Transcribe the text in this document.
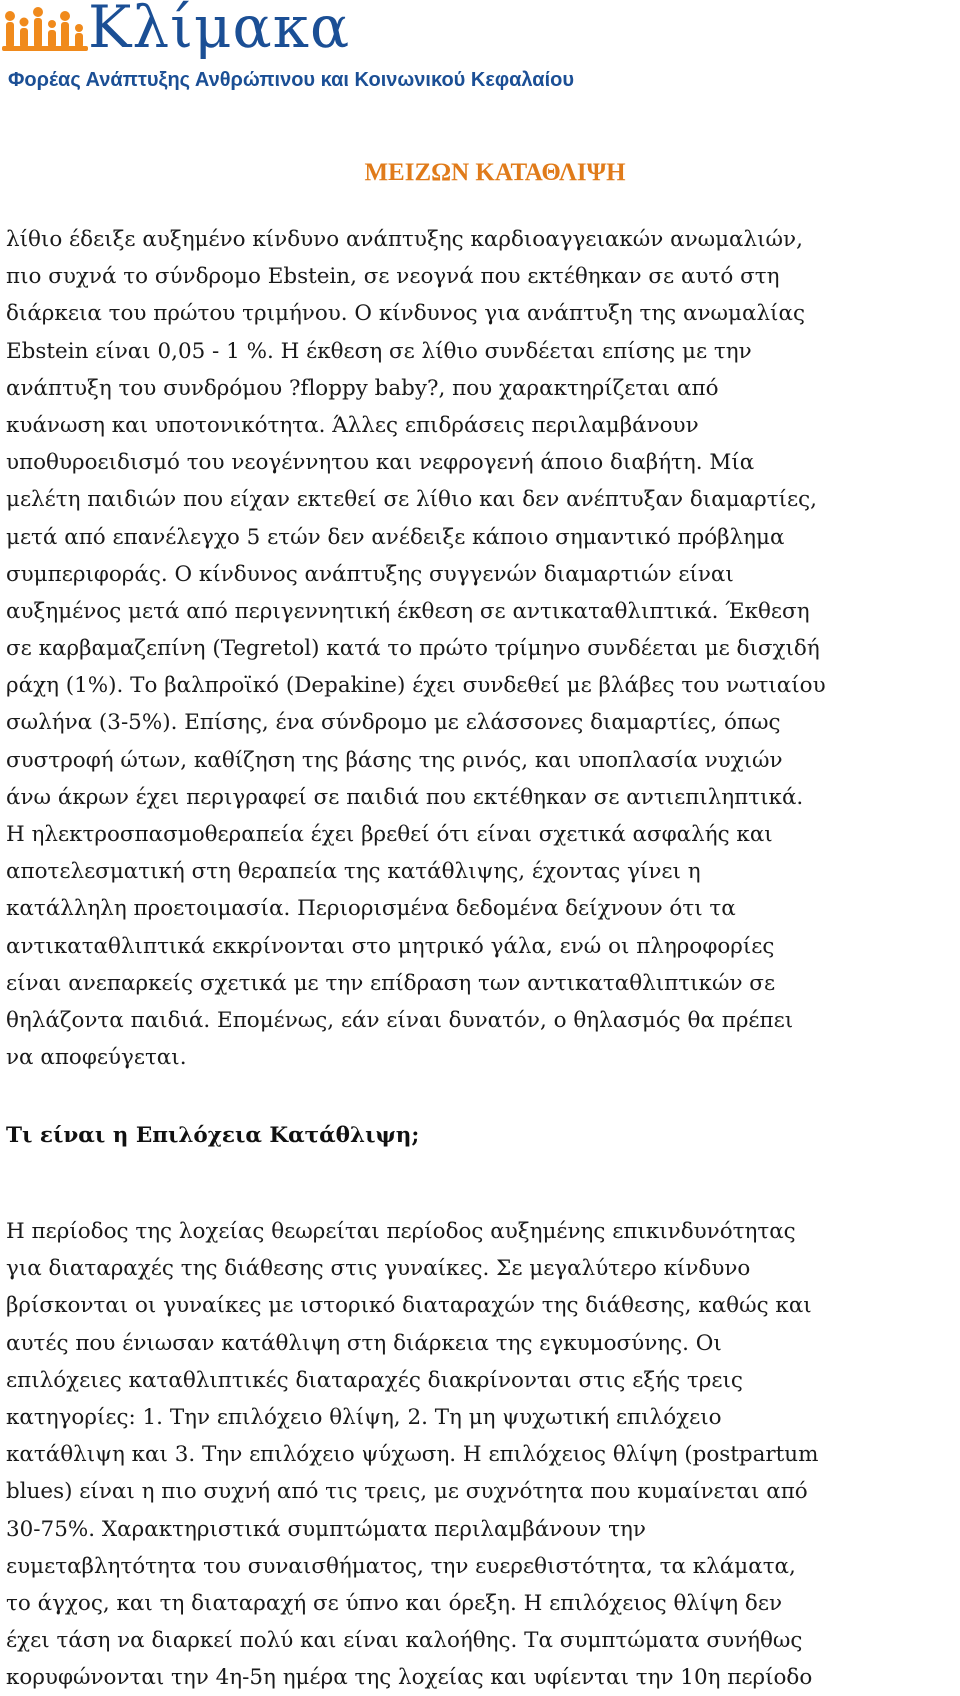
Κλίμακα
Φορέας Ανάπτυξης Ανθρώπινου και Κοινωνικού Κεφαλαίου
ΜΕΙΖΩΝ ΚΑΤΑΘΛΙΨΗ
λίθιο έδειξε αυξημένο κίνδυνο ανάπτυξης καρδιοαγγειακών ανωμαλιών,
πιο συχνά το σύνδρομο Ebstein, σε νεογνά που εκτέθηκαν σε αυτό στη
διάρκεια του πρώτου τριμήνου. Ο κίνδυνος για ανάπτυξη της ανωμαλίας
Ebstein είναι 0,05 - 1 %. Η έκθεση σε λίθιο συνδέεται επίσης με την
ανάπτυξη του συνδρόμου ?floppy baby?, που χαρακτηρίζεται από
κυάνωση και υποτονικότητα. Άλλες επιδράσεις περιλαμβάνουν
υποθυροειδισμό του νεογέννητου και νεφρογενή άποιο διαβήτη. Μία
μελέτη παιδιών που είχαν εκτεθεί σε λίθιο και δεν ανέπτυξαν διαμαρτίες,
μετά από επανέλεγχο 5 ετών δεν ανέδειξε κάποιο σημαντικό πρόβλημα
συμπεριφοράς. Ο κίνδυνος ανάπτυξης συγγενών διαμαρτιών είναι
αυξημένος μετά από περιγεννητική έκθεση σε αντικαταθλιπτικά. Έκθεση
σε καρβαμαζεπίνη (Tegretol) κατά το πρώτο τρίμηνο συνδέεται με δισχιδή
ράχη (1%). Το βαλπροϊκό (Depakine) έχει συνδεθεί με βλάβες του νωτιαίου
σωλήνα (3-5%). Επίσης, ένα σύνδρομο με ελάσσονες διαμαρτίες, όπως
συστροφή ώτων, καθίζηση της βάσης της ρινός, και υποπλασία νυχιών
άνω άκρων έχει περιγραφεί σε παιδιά που εκτέθηκαν σε αντιεπιληπτικά.
Η ηλεκτροσπασμοθεραπεία έχει βρεθεί ότι είναι σχετικά ασφαλής και
αποτελεσματική στη θεραπεία της κατάθλιψης, έχοντας γίνει η
κατάλληλη προετοιμασία. Περιορισμένα δεδομένα δείχνουν ότι τα
αντικαταθλιπτικά εκκρίνονται στο μητρικό γάλα, ενώ οι πληροφορίες
είναι ανεπαρκείς σχετικά με την επίδραση των αντικαταθλιπτικών σε
θηλάζοντα παιδιά. Επομένως, εάν είναι δυνατόν, ο θηλασμός θα πρέπει
να αποφεύγεται.
Τι είναι η Επιλόχεια Κατάθλιψη;
Η περίοδος της λοχείας θεωρείται περίοδος αυξημένης επικινδυνότητας
για διαταραχές της διάθεσης στις γυναίκες. Σε μεγαλύτερο κίνδυνο
βρίσκονται οι γυναίκες με ιστορικό διαταραχών της διάθεσης, καθώς και
αυτές που ένιωσαν κατάθλιψη στη διάρκεια της εγκυμοσύνης. Οι
επιλόχειες καταθλιπτικές διαταραχές διακρίνονται στις εξής τρεις
κατηγορίες: 1. Την επιλόχειο θλίψη, 2. Τη μη ψυχωτική επιλόχειο
κατάθλιψη και 3. Την επιλόχειο ψύχωση. Η επιλόχειος θλίψη (postpartum
blues) είναι η πιο συχνή από τις τρεις, με συχνότητα που κυμαίνεται από
30-75%. Χαρακτηριστικά συμπτώματα περιλαμβάνουν την
ευμεταβλητότητα του συναισθήματος, την ευερεθιστότητα, τα κλάματα,
το άγχος, και τη διαταραχή σε ύπνο και όρεξη. Η επιλόχειος θλίψη δεν
έχει τάση να διαρκεί πολύ και είναι καλοήθης. Τα συμπτώματα συνήθως
κορυφώνονται την 4η-5η ημέρα της λοχείας και υφίενται την 10η περίοδο
